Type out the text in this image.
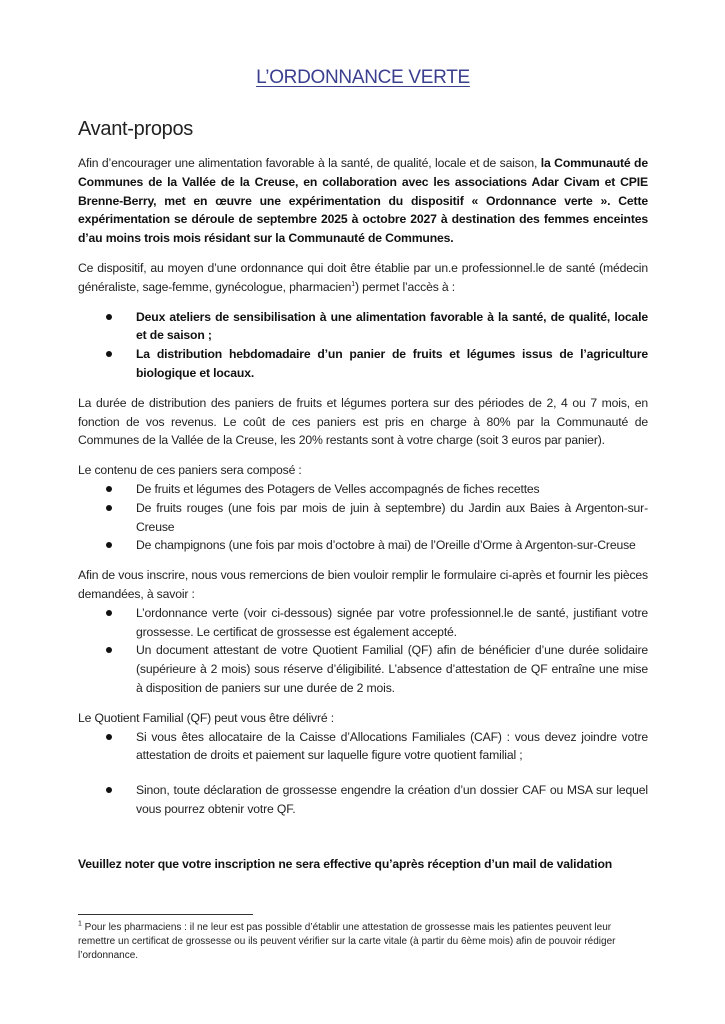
L’ORDONNANCE VERTE
Avant-propos

Afin d’encourager une alimentation favorable à la santé, de qualité, locale et de saison, la Communauté de Communes de la Vallée de la Creuse, en collaboration avec les associations Adar Civam et CPIE Brenne-Berry, met en œuvre une expérimentation du dispositif « Ordonnance verte ». Cette expérimentation se déroule de septembre 2025 à octobre 2027 à destination des femmes enceintes d’au moins trois mois résidant sur la Communauté de Communes.

Ce dispositif, au moyen d’une ordonnance qui doit être établie par un.e professionnel.le de santé (médecin généraliste, sage-femme, gynécologue, pharmacien$^1$) permet l’accès à :

Deux ateliers de sensibilisation à une alimentation favorable à la santé, de qualité, locale et de saison ;
La distribution hebdomadaire d’un panier de fruits et légumes issus de l’agriculture biologique et locaux.
La durée de distribution des paniers de fruits et légumes portera sur des périodes de 2, 4 ou 7 mois, en fonction de vos revenus. Le coût de ces paniers est pris en charge à 80% par la Communauté de Communes de la Vallée de la Creuse, les 20% restants sont à votre charge (soit 3 euros par panier).

Le contenu de ces paniers sera composé :

De fruits et légumes des Potagers de Velles accompagnés de fiches recettes
De fruits rouges (une fois par mois de juin à septembre) du Jardin aux Baies à Argenton-sur-Creuse
De champignons (une fois par mois d’octobre à mai) de l’Oreille d’Orme à Argenton-sur-Creuse

Afin de vous inscrire, nous vous remercions de bien vouloir remplir le formulaire ci-après et fournir les pièces demandées, à savoir :

L’ordonnance verte (voir ci-dessous) signée par votre professionnel.le de santé, justifiant votre grossesse. Le certificat de grossesse est également accepté.
Un document attestant de votre Quotient Familial (QF) afin de bénéficier d’une durée solidaire (supérieure à 2 mois) sous réserve d’éligibilité. L’absence d’attestation de QF entraîne une mise à disposition de paniers sur une durée de 2 mois.

Le Quotient Familial (QF) peut vous être délivré :

Si vous êtes allocataire de la Caisse d’Allocations Familiales (CAF) : vous devez joindre votre attestation de droits et paiement sur laquelle figure votre quotient familial ;
Sinon, toute déclaration de grossesse engendre la création d’un dossier CAF ou MSA sur lequel vous pourrez obtenir votre QF.
Veuillez noter que votre inscription ne sera effective qu’après réception d’un mail de validation
$^1$ Pour les pharmaciens : il ne leur est pas possible d’établir une attestation de grossesse mais les patientes peuvent leur remettre un certificat de grossesse ou ils peuvent vérifier sur la carte vitale (à partir du 6ème mois) afin de pouvoir rédiger l’ordonnance.
